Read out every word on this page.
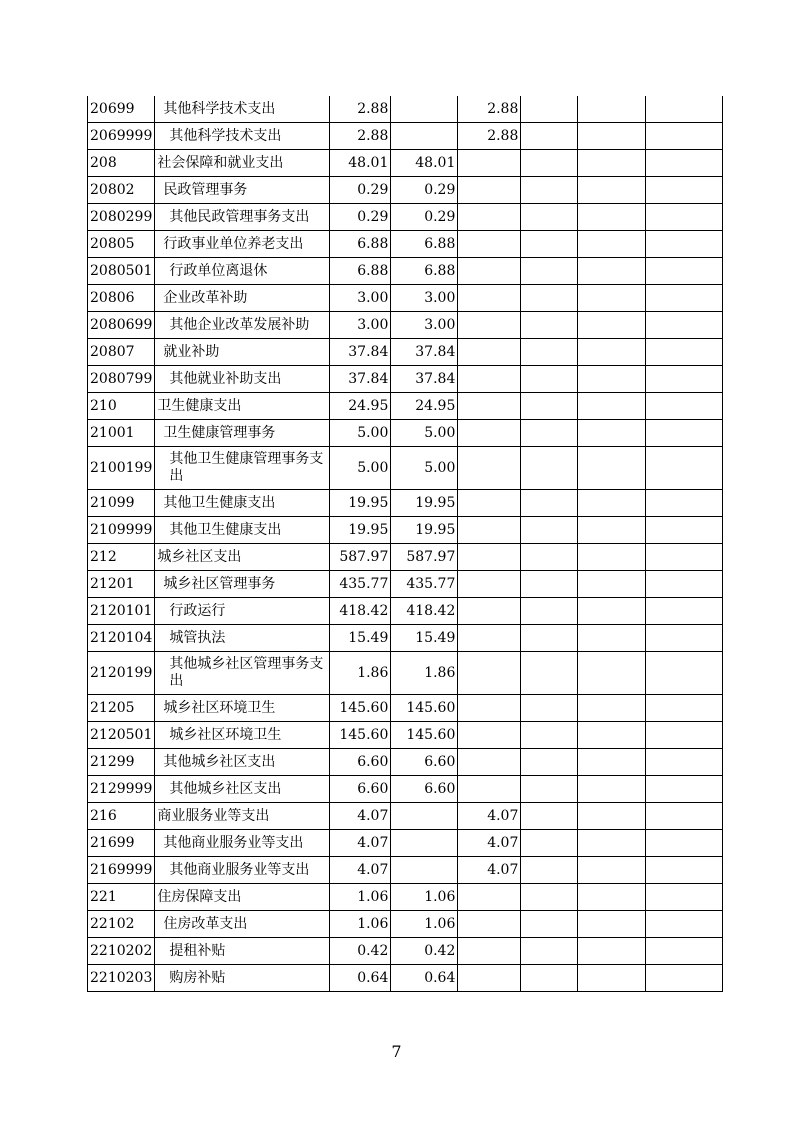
20699	其他科学技术支出	2.88		2.88			
2069999	其他科学技术支出	2.88		2.88			
208	社会保障和就业支出	48.01	48.01				
20802	民政管理事务	0.29	0.29				
2080299	其他民政管理事务支出	0.29	0.29				
20805	行政事业单位养老支出	6.88	6.88				
2080501	行政单位离退休	6.88	6.88				
20806	企业改革补助	3.00	3.00				
2080699	其他企业改革发展补助	3.00	3.00				
20807	就业补助	37.84	37.84				
2080799	其他就业补助支出	37.84	37.84				
210	卫生健康支出	24.95	24.95				
21001	卫生健康管理事务	5.00	5.00				
2100199	其他卫生健康管理事务支出	5.00	5.00				
21099	其他卫生健康支出	19.95	19.95				
2109999	其他卫生健康支出	19.95	19.95				
212	城乡社区支出	587.97	587.97				
21201	城乡社区管理事务	435.77	435.77				
2120101	行政运行	418.42	418.42				
2120104	城管执法	15.49	15.49				
2120199	其他城乡社区管理事务支出	1.86	1.86				
21205	城乡社区环境卫生	145.60	145.60				
2120501	城乡社区环境卫生	145.60	145.60				
21299	其他城乡社区支出	6.60	6.60				
2129999	其他城乡社区支出	6.60	6.60				
216	商业服务业等支出	4.07		4.07			
21699	其他商业服务业等支出	4.07		4.07			
2169999	其他商业服务业等支出	4.07		4.07			
221	住房保障支出	1.06	1.06				
22102	住房改革支出	1.06	1.06				
2210202	提租补贴	0.42	0.42				
2210203	购房补贴	0.64	0.64				
7
